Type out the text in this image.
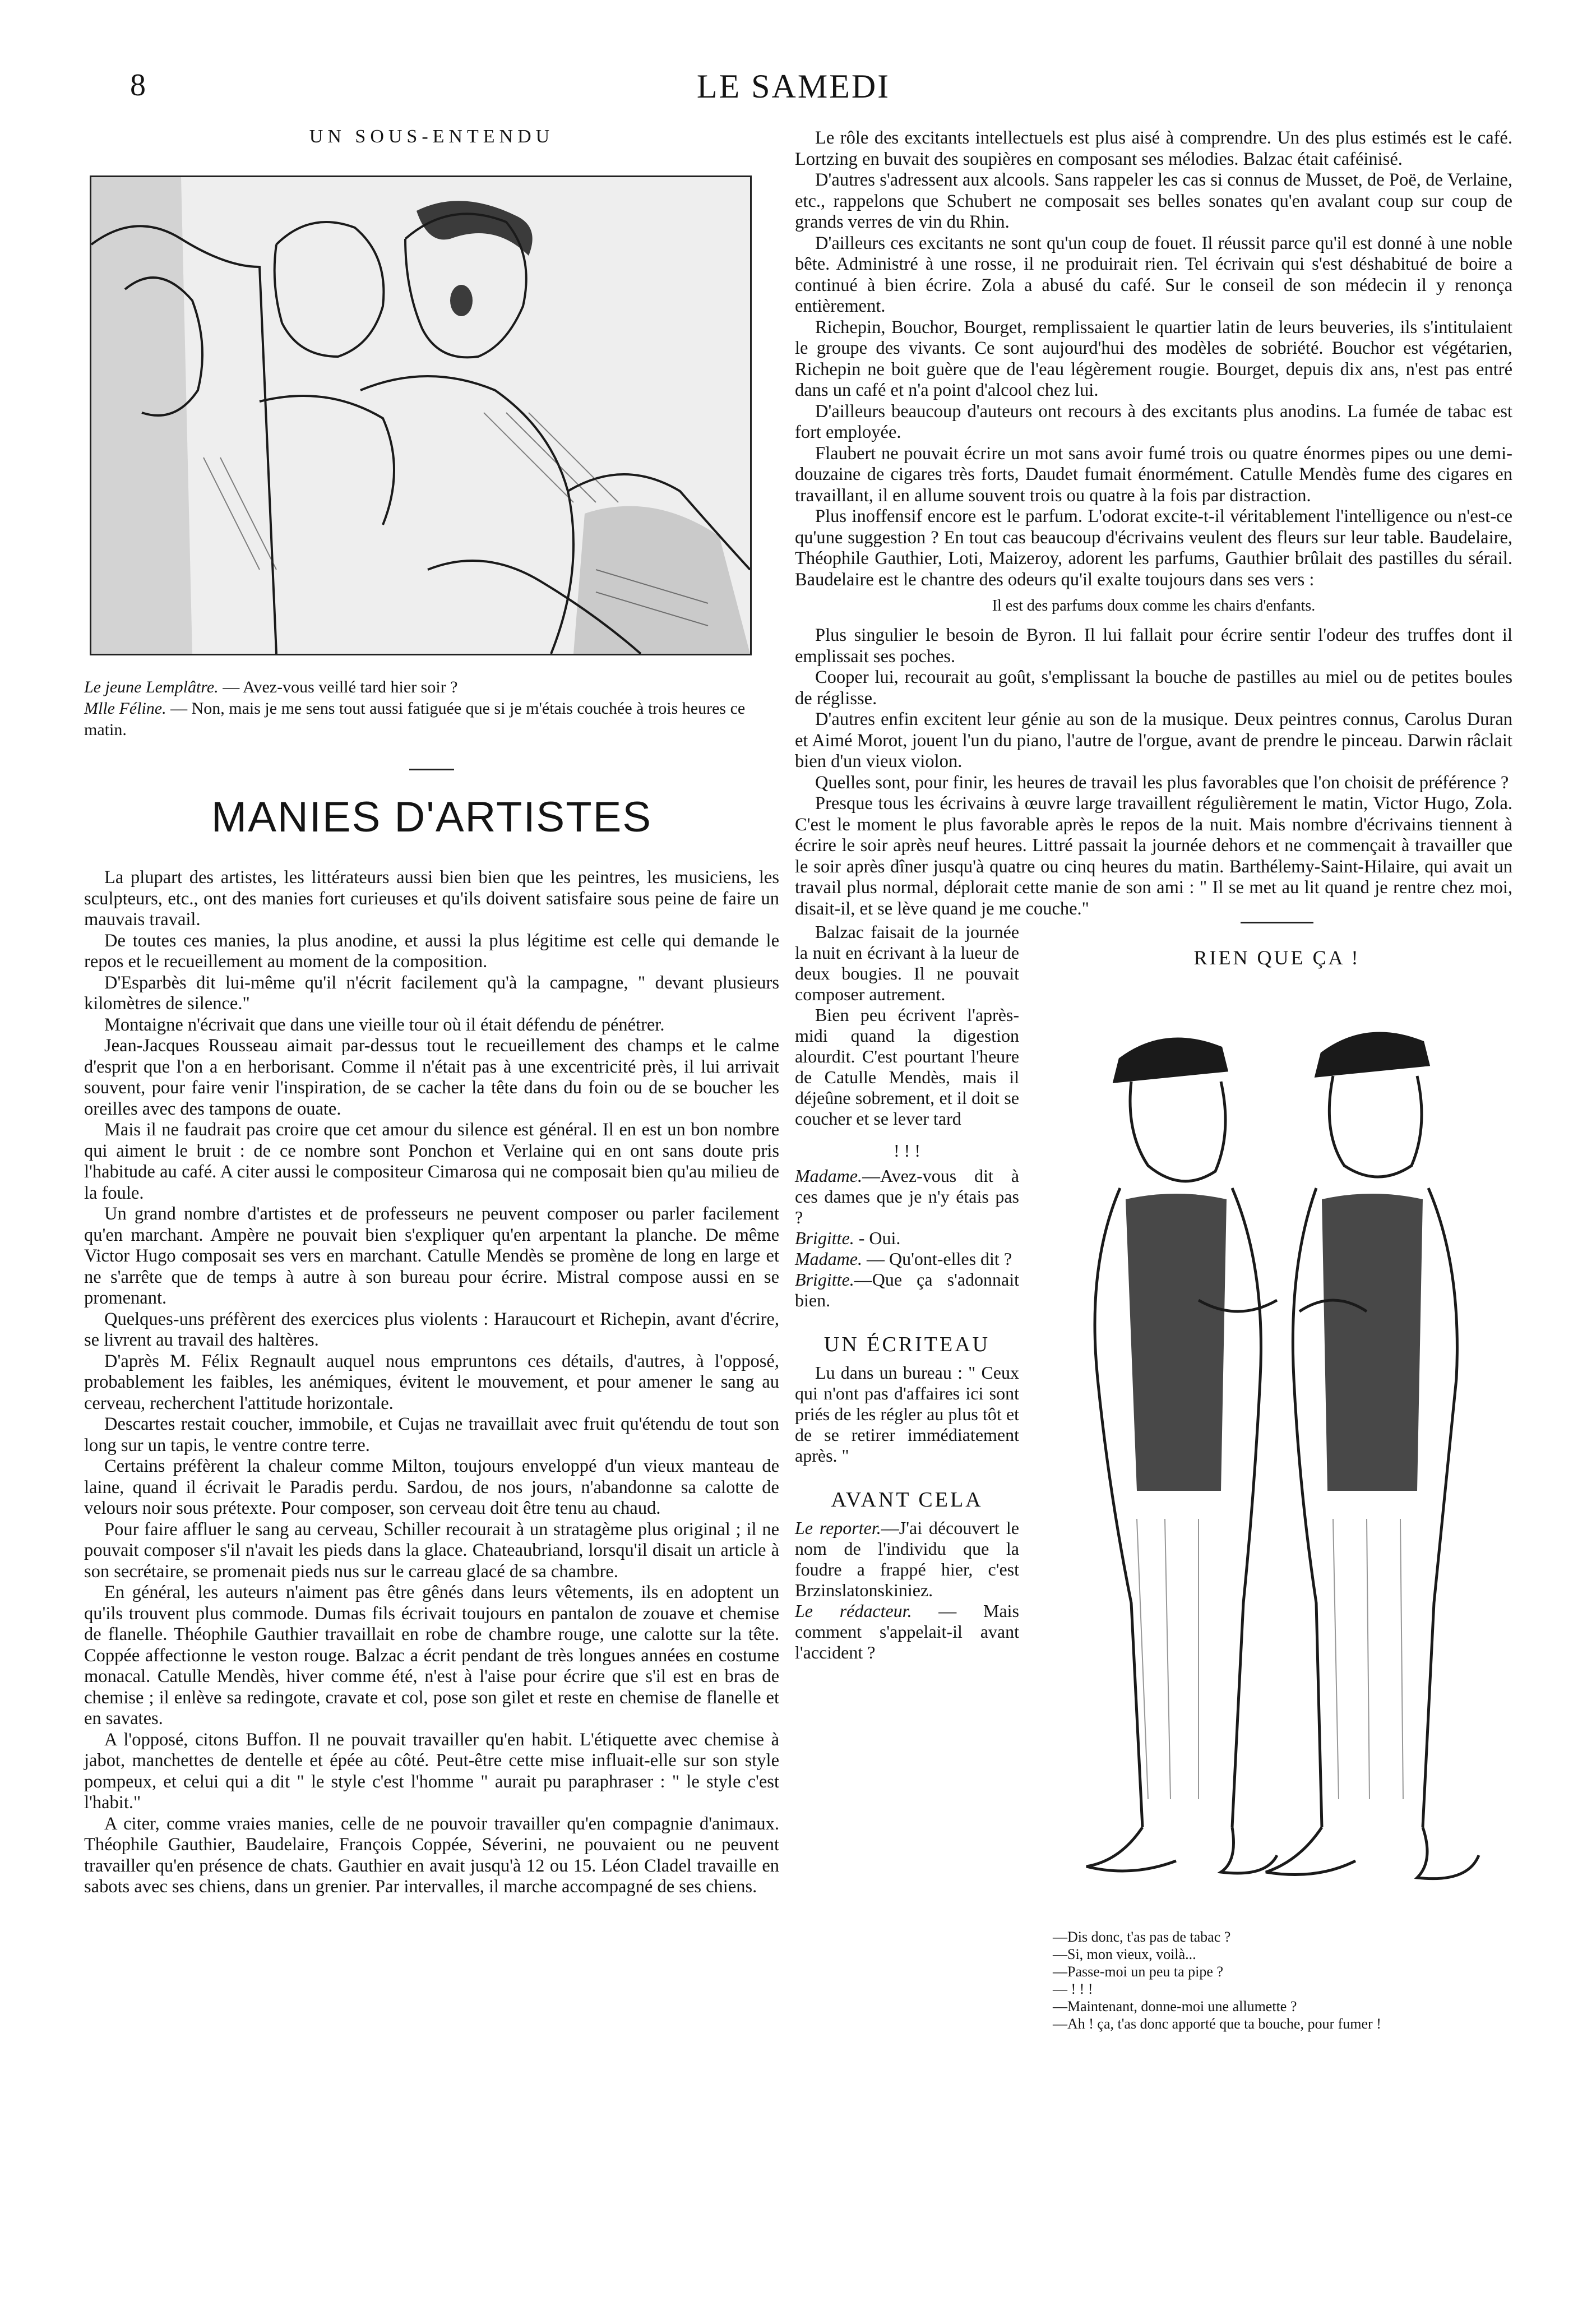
8	LE SAMEDI
UN SOUS-ENTENDU
Le jeune Lemplâtre. — Avez-vous veillé tard hier soir ?
Mlle Féline. — Non, mais je me sens tout aussi fatiguée que si je m'étais couchée à trois heures ce matin.
MANIES D'ARTISTES

La plupart des artistes, les littérateurs aussi bien bien que les peintres, les musiciens, les sculpteurs, etc., ont des manies fort curieuses et qu'ils doivent satisfaire sous peine de faire un mauvais travail.

De toutes ces manies, la plus anodine, et aussi la plus légitime est celle qui demande le repos et le recueillement au moment de la composition.

D'Esparbès dit lui-même qu'il n'écrit facilement qu'à la campagne, " devant plusieurs kilomètres de silence."

Montaigne n'écrivait que dans une vieille tour où il était défendu de pénétrer.

Jean-Jacques Rousseau aimait par-dessus tout le recueillement des champs et le calme d'esprit que l'on a en herborisant. Comme il n'était pas à une excentricité près, il lui arrivait souvent, pour faire venir l'inspiration, de se cacher la tête dans du foin ou de se boucher les oreilles avec des tampons de ouate.

Mais il ne faudrait pas croire que cet amour du silence est général. Il en est un bon nombre qui aiment le bruit : de ce nombre sont Ponchon et Verlaine qui en ont sans doute pris l'habitude au café. A citer aussi le compositeur Cimarosa qui ne composait bien qu'au milieu de la foule.

Un grand nombre d'artistes et de professeurs ne peuvent composer ou parler facilement qu'en marchant. Ampère ne pouvait bien s'expliquer qu'en arpentant la planche. De même Victor Hugo composait ses vers en marchant. Catulle Mendès se promène de long en large et ne s'arrête que de temps à autre à son bureau pour écrire. Mistral compose aussi en se promenant.

Quelques-uns préfèrent des exercices plus violents : Haraucourt et Richepin, avant d'écrire, se livrent au travail des haltères.

D'après M. Félix Regnault auquel nous empruntons ces détails, d'autres, à l'opposé, probablement les faibles, les anémiques, évitent le mouvement, et pour amener le sang au cerveau, recherchent l'attitude horizontale.

Descartes restait coucher, immobile, et Cujas ne travaillait avec fruit qu'étendu de tout son long sur un tapis, le ventre contre terre.

Certains préfèrent la chaleur comme Milton, toujours enveloppé d'un vieux manteau de laine, quand il écrivait le Paradis perdu. Sardou, de nos jours, n'abandonne sa calotte de velours noir sous prétexte. Pour composer, son cerveau doit être tenu au chaud.

Pour faire affluer le sang au cerveau, Schiller recourait à un stratagème plus original ; il ne pouvait composer s'il n'avait les pieds dans la glace. Chateaubriand, lorsqu'il disait un article à son secrétaire, se promenait pieds nus sur le carreau glacé de sa chambre.

En général, les auteurs n'aiment pas être gênés dans leurs vêtements, ils en adoptent un qu'ils trouvent plus commode. Dumas fils écrivait toujours en pantalon de zouave et chemise de flanelle. Théophile Gauthier travaillait en robe de chambre rouge, une calotte sur la tête. Coppée affectionne le veston rouge. Balzac a écrit pendant de très longues années en costume monacal. Catulle Mendès, hiver comme été, n'est à l'aise pour écrire que s'il est en bras de chemise ; il enlève sa redingote, cravate et col, pose son gilet et reste en chemise de flanelle et en savates.

A l'opposé, citons Buffon. Il ne pouvait travailler qu'en habit. L'étiquette avec chemise à jabot, manchettes de dentelle et épée au côté. Peut-être cette mise influait-elle sur son style pompeux, et celui qui a dit " le style c'est l'homme " aurait pu paraphraser : " le style c'est l'habit."

A citer, comme vraies manies, celle de ne pouvoir travailler qu'en compagnie d'animaux. Théophile Gauthier, Baudelaire, François Coppée, Séverini, ne pouvaient ou ne peuvent travailler qu'en présence de chats. Gauthier en avait jusqu'à 12 ou 15. Léon Cladel travaille en sabots avec ses chiens, dans un grenier. Par intervalles, il marche accompagné de ses chiens.

Le rôle des excitants intellectuels est plus aisé à comprendre. Un des plus estimés est le café. Lortzing en buvait des soupières en composant ses mélodies. Balzac était caféinisé.

D'autres s'adressent aux alcools. Sans rappeler les cas si connus de Musset, de Poë, de Verlaine, etc., rappelons que Schubert ne composait ses belles sonates qu'en avalant coup sur coup de grands verres de vin du Rhin.

D'ailleurs ces excitants ne sont qu'un coup de fouet. Il réussit parce qu'il est donné à une noble bête. Administré à une rosse, il ne produirait rien. Tel écrivain qui s'est déshabitué de boire a continué à bien écrire. Zola a abusé du café. Sur le conseil de son médecin il y renonça entièrement.

Richepin, Bouchor, Bourget, remplissaient le quartier latin de leurs beuveries, ils s'intitulaient le groupe des vivants. Ce sont aujourd'hui des modèles de sobriété. Bouchor est végétarien, Richepin ne boit guère que de l'eau légèrement rougie. Bourget, depuis dix ans, n'est pas entré dans un café et n'a point d'alcool chez lui.

D'ailleurs beaucoup d'auteurs ont recours à des excitants plus anodins. La fumée de tabac est fort employée.

Flaubert ne pouvait écrire un mot sans avoir fumé trois ou quatre énormes pipes ou une demi-douzaine de cigares très forts, Daudet fumait énormément. Catulle Mendès fume des cigares en travaillant, il en allume souvent trois ou quatre à la fois par distraction.

Plus inoffensif encore est le parfum. L'odorat excite-t-il véritablement l'intelligence ou n'est-ce qu'une suggestion ? En tout cas beaucoup d'écrivains veulent des fleurs sur leur table. Baudelaire, Théophile Gauthier, Loti, Maizeroy, adorent les parfums, Gauthier brûlait des pastilles du sérail. Baudelaire est le chantre des odeurs qu'il exalte toujours dans ses vers :

Il est des parfums doux comme les chairs d'enfants.

Plus singulier le besoin de Byron. Il lui fallait pour écrire sentir l'odeur des truffes dont il emplissait ses poches.

Cooper lui, recourait au goût, s'emplissant la bouche de pastilles au miel ou de petites boules de réglisse.

D'autres enfin excitent leur génie au son de la musique. Deux peintres connus, Carolus Duran et Aimé Morot, jouent l'un du piano, l'autre de l'orgue, avant de prendre le pinceau. Darwin râclait bien d'un vieux violon.

Quelles sont, pour finir, les heures de travail les plus favorables que l'on choisit de préférence ?

Presque tous les écrivains à œuvre large travaillent régulièrement le matin, Victor Hugo, Zola. C'est le moment le plus favorable après le repos de la nuit. Mais nombre d'écrivains tiennent à écrire le soir après neuf heures. Littré passait la journée dehors et ne commençait à travailler que le soir après dîner jusqu'à quatre ou cinq heures du matin. Barthélemy-Saint-Hilaire, qui avait un travail plus normal, déplorait cette manie de son ami : " Il se met au lit quand je rentre chez moi, disait-il, et se lève quand je me couche."

Balzac faisait de la journée la nuit en écrivant à la lueur de deux bougies. Il ne pouvait composer autrement.

Bien peu écrivent l'après-midi quand la digestion alourdit. C'est pourtant l'heure de Catulle Mendès, mais il déjeûne sobrement, et il doit se coucher et se lever tard

! ! !

Madame.—Avez-vous dit à ces dames que je n'y étais pas ?

Brigitte. - Oui.

Madame. — Qu'ont-elles dit ?

Brigitte.—Que ça s'adonnait bien.

UN ÉCRITEAU

Lu dans un bureau : " Ceux qui n'ont pas d'affaires ici sont priés de les régler au plus tôt et de se retirer immédiatement après. "

AVANT CELA

Le reporter.—J'ai découvert le nom de l'individu que la foudre a frappé hier, c'est Brzinslatonskiniez.

Le rédacteur. — Mais comment s'appelait-il avant l'accident ?

RIEN QUE ÇA !
—Dis donc, t'as pas de tabac ?
—Si, mon vieux, voilà...
—Passe-moi un peu ta pipe ?
— ! ! !
—Maintenant, donne-moi une allumette ?
—Ah ! ça, t'as donc apporté que ta bouche, pour fumer !
